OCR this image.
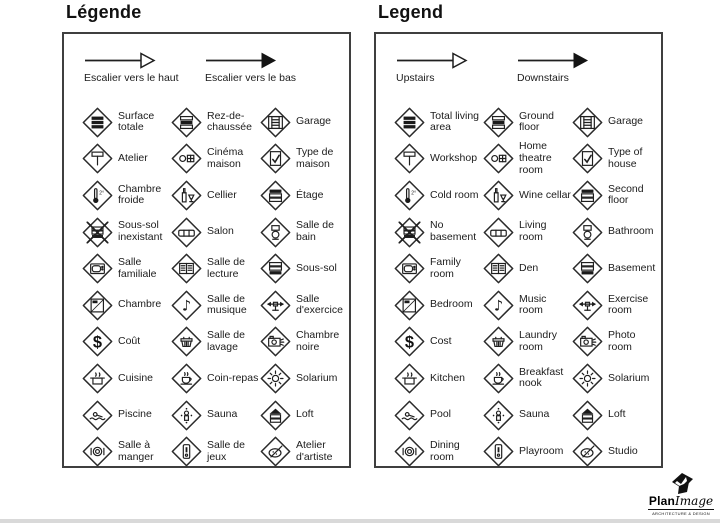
Légende
Escalier vers le haut	Escalier vers le bas
Surface totale
Rez-de-chaussée	Garage
Atelier	Cinéma maison
Type de maison
Chambre froide	Cellier	Étage
Sous-sol inexistant	Salon	Salle de bain
Salle familiale
Salle de lecture	Sous-sol
Chambre	Salle de musique
Salle d'exercice
Coût	Salle de lavage
Chambre noire
Cuisine	Coin-repas	Solarium
Piscine	Sauna	Loft
Salle à manger
Salle de jeux
Atelier d'artiste
Legend
Upstairs	Downstairs
Total living area
Ground floor	Garage
Workshop
Home theatre room
Type of house
Cold room	Wine cellar	Second floor
No basement
Living room	Bathroom
Family room	Den	Basement
Bedroom	Music room
Exercise room
Cost	Laundry room
Photo room
Kitchen	Breakfast nook	Solarium
Pool	Sauna	Loft
Dining room	Playroom	Studio
PlanImage
ARCHITECTURE & DESIGN
